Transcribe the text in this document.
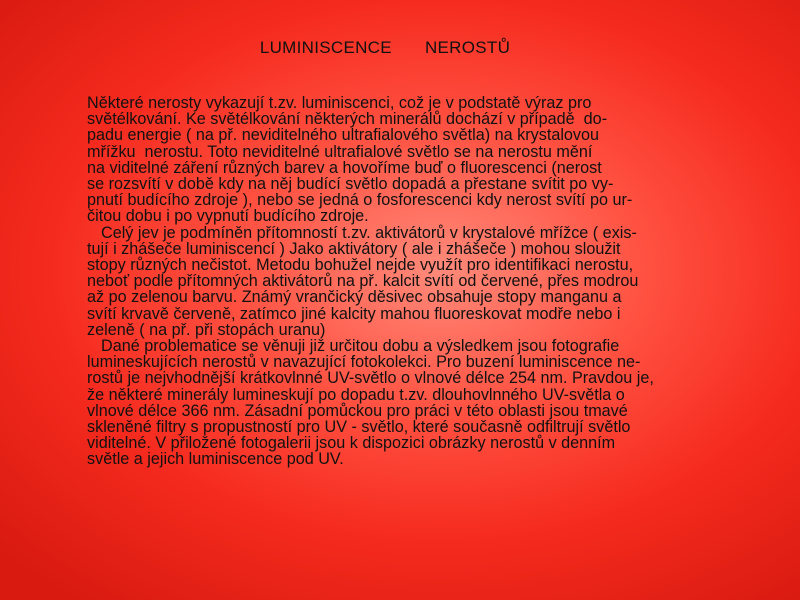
LUMINISCENCE   NEROSTŮ
Některé nerosty vykazují t.zv. luminiscenci, což je v podstatě výraz pro
světélkování. Ke světélkování některých minerálů dochází v případě  do-
padu energie ( na př. neviditelného ultrafialového světla) na krystalovou
mřížku  nerostu. Toto neviditelné ultrafialové světlo se na nerostu mění
na viditelné záření různých barev a hovoříme buď o fluorescenci (nerost
se rozsvítí v době kdy na něj budící světlo dopadá a přestane svítit po vy-
pnutí budícího zdroje ), nebo se jedná o fosforescenci kdy nerost svítí po ur-
čitou dobu i po vypnutí budícího zdroje.
Celý jev je podmíněn přítomností t.zv. aktivátorů v krystalové mřížce ( exis-
tují i zhášeče luminiscencí ) Jako aktivátory ( ale i zhášeče ) mohou sloužit
stopy různých nečistot. Metodu bohužel nejde využít pro identifikaci nerostu,
neboť podle přítomných aktivátorů na př. kalcit svítí od červené, přes modrou
až po zelenou barvu. Známý vrančický děsivec obsahuje stopy manganu a
svítí krvavě červeně, zatímco jiné kalcity mahou fluoreskovat modře nebo i
zeleně ( na př. při stopách uranu)
Dané problematice se věnuji již určitou dobu a výsledkem jsou fotografie
lumineskujících nerostů v navazující fotokolekci. Pro buzení luminiscence ne-
rostů je nejvhodnější krátkovlnné UV-světlo o vlnové délce 254 nm. Pravdou je,
že některé minerály lumineskují po dopadu t.zv. dlouhovlnného UV-světla o
vlnové délce 366 nm. Zásadní pomůckou pro práci v této oblasti jsou tmavé
skleněné filtry s propustností pro UV - světlo, které současně odfiltrují světlo
viditelné. V přiložené fotogalerii jsou k dispozici obrázky nerostů v denním
světle a jejich luminiscence pod UV.
